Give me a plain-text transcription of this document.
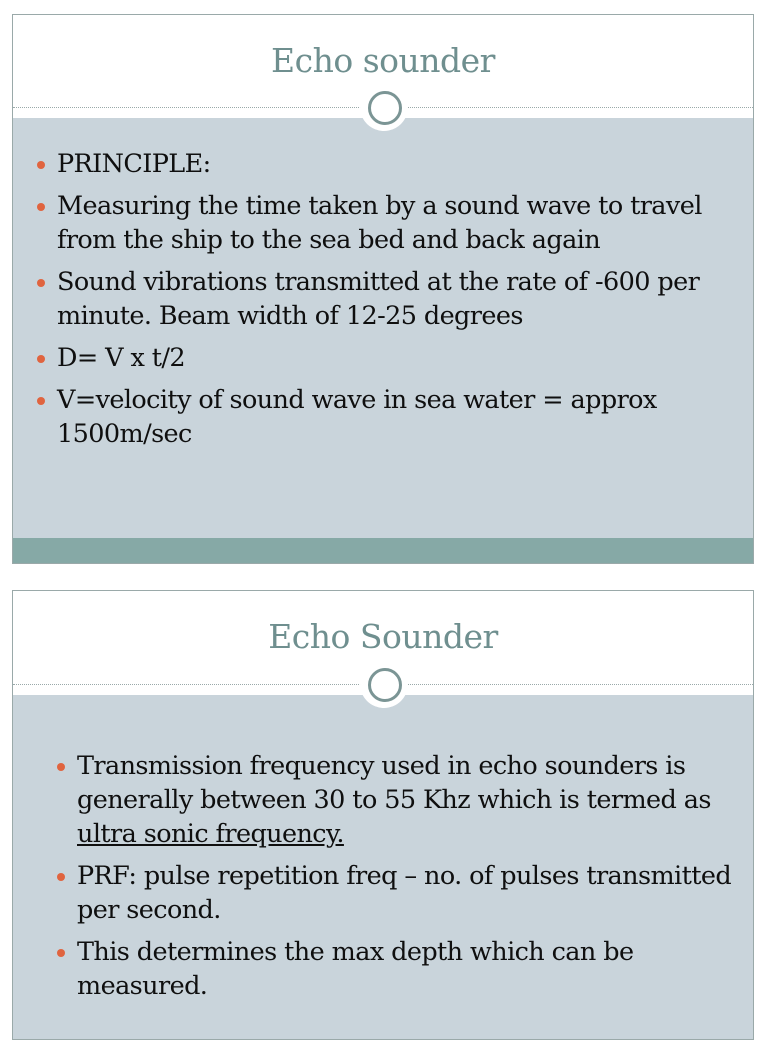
Echo sounder
PRINCIPLE:
Measuring the time taken by a sound wave to travel from the ship to the sea bed and back again
Sound vibrations transmitted at the rate of -600 per minute. Beam width of 12-25 degrees
D= V x t/2
V=velocity of sound wave in sea water = approx 1500m/sec
Echo Sounder
Transmission frequency used in echo sounders is generally between 30 to 55 Khz which is termed as ultra sonic frequency.
PRF: pulse repetition freq – no. of pulses transmitted per second.
This determines the max depth which can be measured.
